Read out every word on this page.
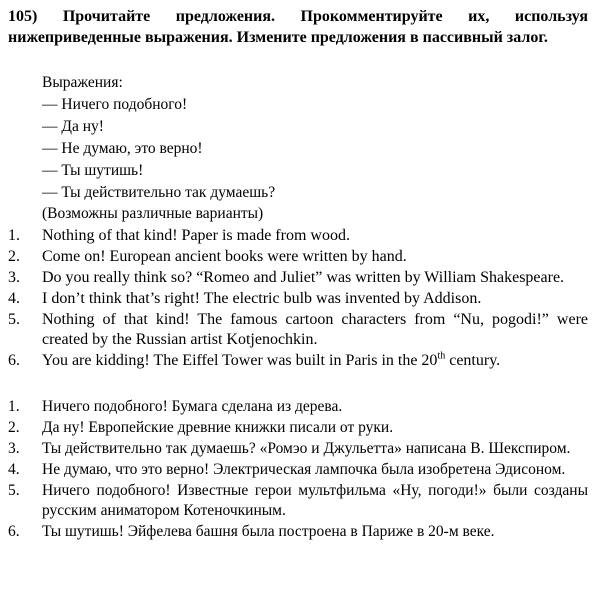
105) Прочитайте предложения. Прокомментируйте их, используя нижеприведенные выражения. Измените предложения в пассивный залог.
Выражения:
— Ничего подобного!
— Да ну!
— Не думаю, это верно!
— Ты шутишь!
— Ты действительно так думаешь?
(Возможны различные варианты)
1. Nothing of that kind! Paper is made from wood.
2. Come on! European ancient books were written by hand.
3. Do you really think so? “Romeo and Juliet” was written by William Shakespeare.
4. I don’t think that’s right! The electric bulb was invented by Addison.
5. Nothing of that kind! The famous cartoon characters from “Nu, pogodi!” were created by the Russian artist Kotjenochkin.
6. You are kidding! The Eiffel Tower was built in Paris in the 20th century.
1. Ничего подобного! Бумага сделана из дерева.
2. Да ну! Европейские древние книжки писали от руки.
3. Ты действительно так думаешь? «Ромэо и Джульетта» написана В. Шекспиром.
4. Не думаю, что это верно! Электрическая лампочка была изобретена Эдисоном.
5. Ничего подобного! Известные герои мультфильма «Ну, погоди!» были созданы русским аниматором Котеночкиным.
6. Ты шутишь! Эйфелева башня была построена в Париже в 20-м веке.
